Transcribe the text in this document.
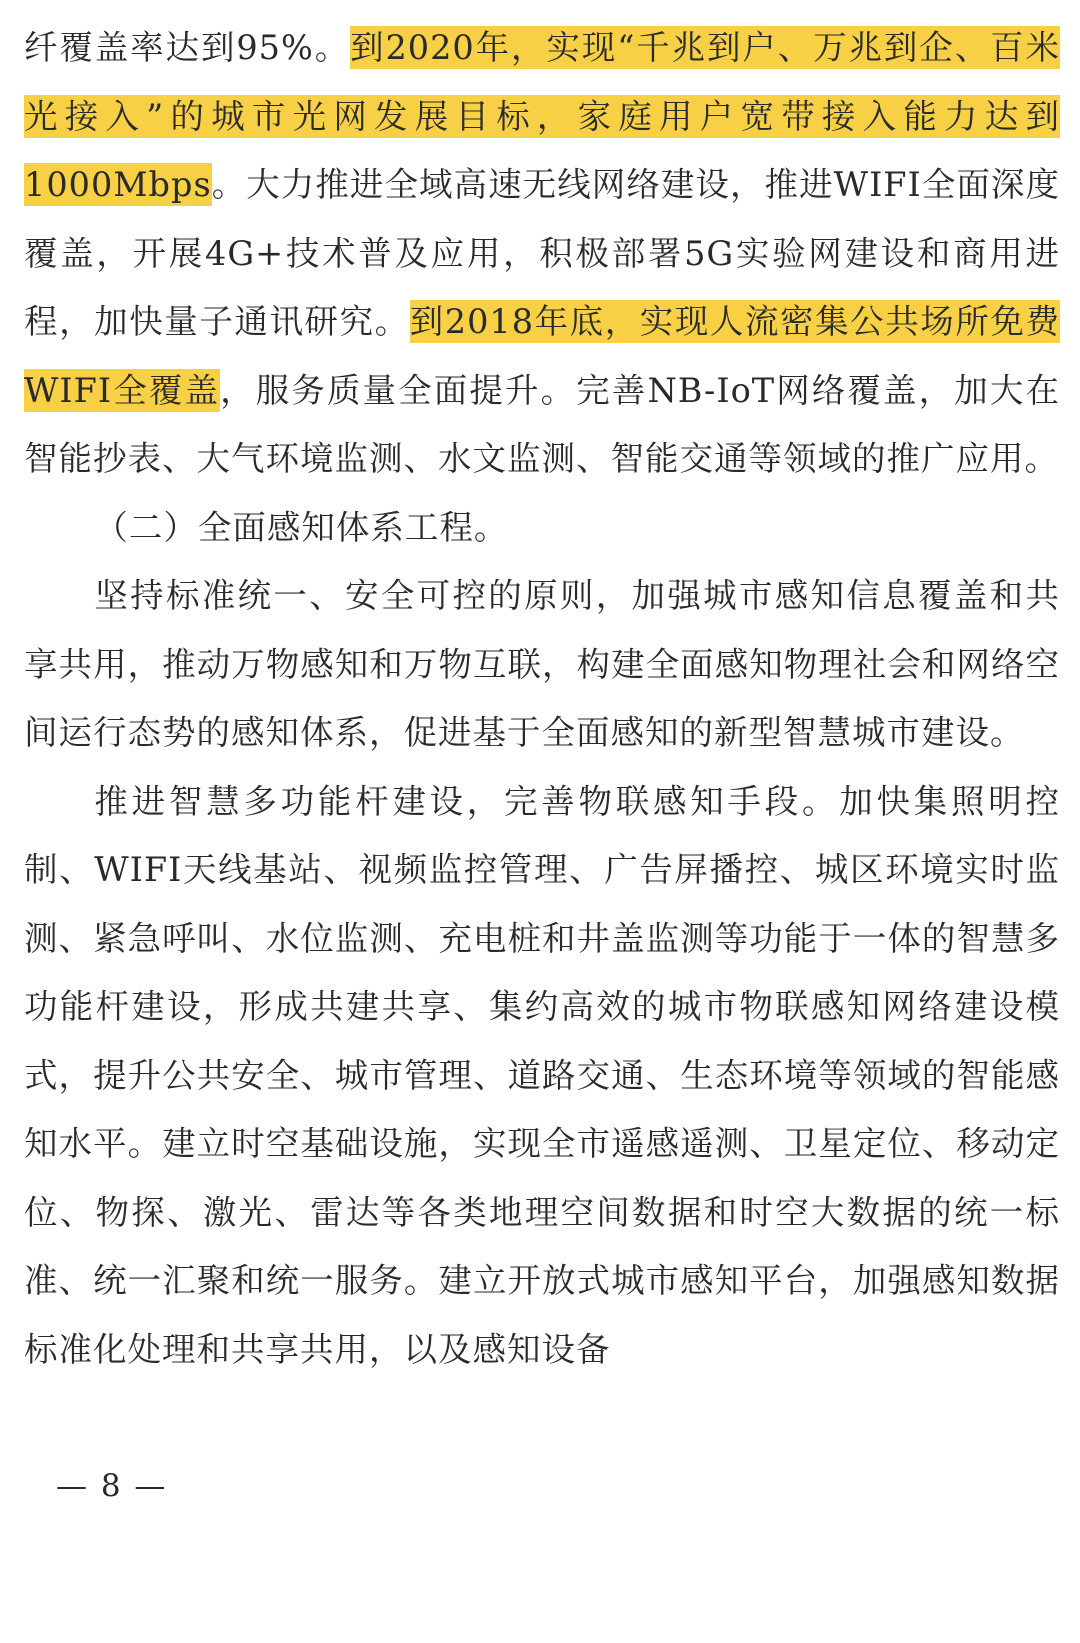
纤覆盖率达到95%。到2020年，实现“千兆到户、万兆到企、百米光接入”的城市光网发展目标，家庭用户宽带接入能力达到1000Mbps。大力推进全域高速无线网络建设，推进WIFI全面深度覆盖，开展4G+技术普及应用，积极部署5G实验网建设和商用进程，加快量子通讯研究。到2018年底，实现人流密集公共场所免费WIFI全覆盖，服务质量全面提升。完善NB-IoT网络覆盖，加大在智能抄表、大气环境监测、水文监测、智能交通等领域的推广应用。

（二）全面感知体系工程。

坚持标准统一、安全可控的原则，加强城市感知信息覆盖和共享共用，推动万物感知和万物互联，构建全面感知物理社会和网络空间运行态势的感知体系，促进基于全面感知的新型智慧城市建设。

推进智慧多功能杆建设，完善物联感知手段。加快集照明控制、WIFI天线基站、视频监控管理、广告屏播控、城区环境实时监测、紧急呼叫、水位监测、充电桩和井盖监测等功能于一体的智慧多功能杆建设，形成共建共享、集约高效的城市物联感知网络建设模式，提升公共安全、城市管理、道路交通、生态环境等领域的智能感知水平。建立时空基础设施，实现全市遥感遥测、卫星定位、移动定位、物探、激光、雷达等各类地理空间数据和时空大数据的统一标准、统一汇聚和统一服务。建立开放式城市感知平台，加强感知数据标准化处理和共享共用，以及感知设备

— 8 —
